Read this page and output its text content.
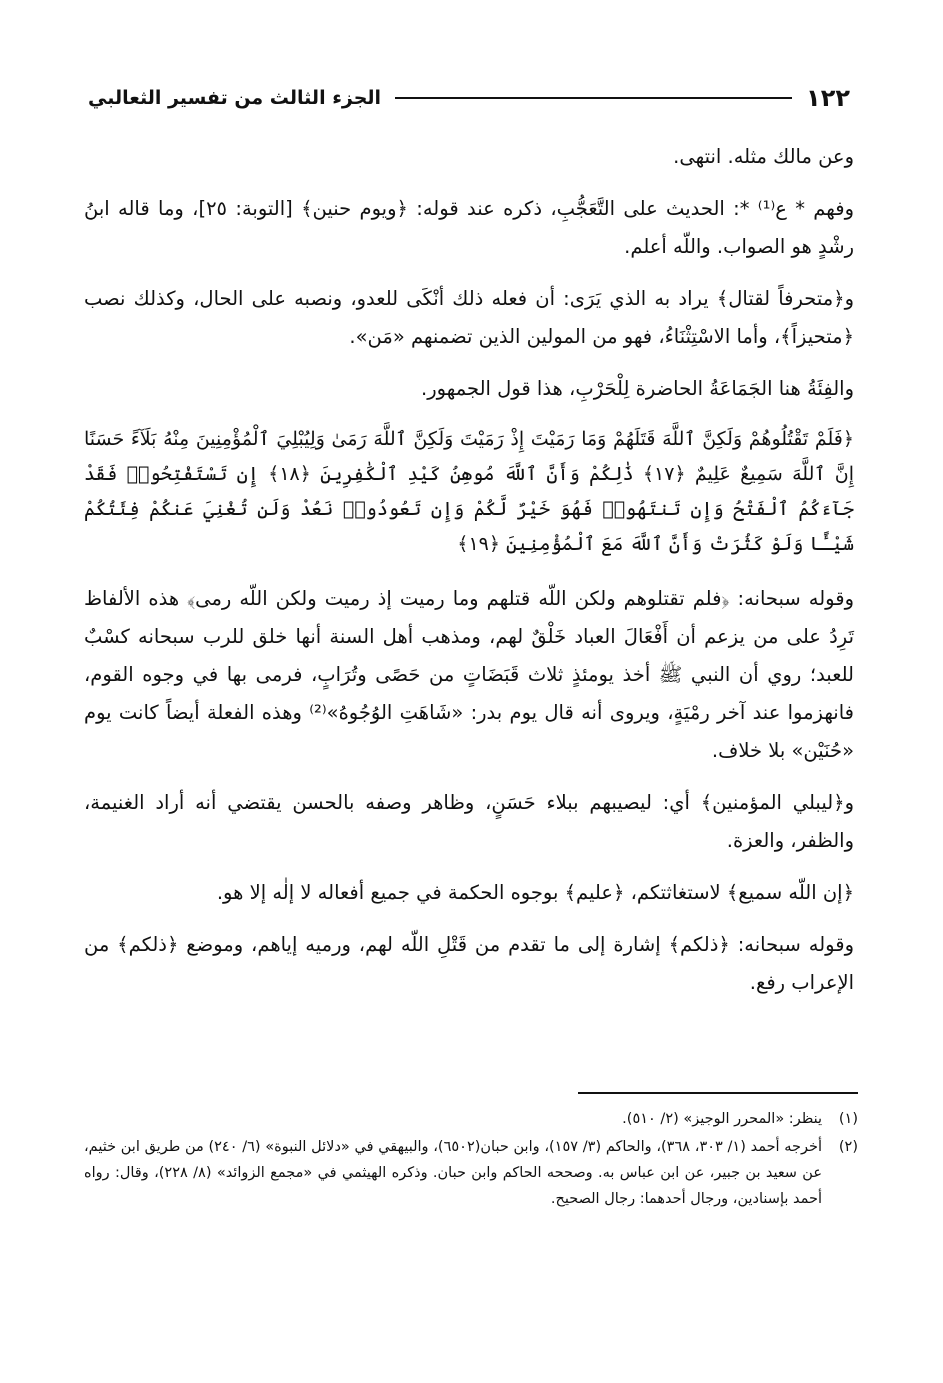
١٢٢
الجزء الثالث من تفسير الثعالبي

وعن مالك مثله. انتهى.

وفهم * ع⁽¹⁾ *: الحديث على التَّعَجُّبِ، ذكره عند قوله: ﴿ويوم حنين﴾ [التوبة: ٢٥]، وما قاله ابنُ رشْدٍ هو الصواب. واللّه أعلم.

و﴿متحرفاً لقتال﴾ يراد به الذي يَرَى: أن فعله ذلك أنْكَى للعدو، ونصبه على الحال، وكذلك نصب ﴿متحيزاً﴾، وأما الاسْتِثْنَاءُ، فهو من المولين الذين تضمنهم «مَن».

والفِئَةُ هنا الجَمَاعَةُ الحاضرة لِلْحَرْبِ، هذا قول الجمهور.

﴿فَلَمْ تَقْتُلُوهُمْ وَلَكِنَّ ٱللَّهَ قَتَلَهُمْ وَمَا رَمَيْتَ إِذْ رَمَيْتَ وَلَكِنَّ ٱللَّهَ رَمَىٰ وَلِيُبْلِيَ ٱلْمُؤْمِنِينَ مِنْهُ بَلَآءً حَسَنًا إِنَّ ٱللَّهَ سَمِيعٌ عَلِيمٌ ﴿١٧﴾ ذَٰلِكُمْ وَأَنَّ ٱللَّهَ مُوهِنُ كَيْدِ ٱلْكَٰفِرِينَ ﴿١٨﴾ إِن تَسْتَفْتِحُوا۟ فَقَدْ جَآءَكُمُ ٱلْفَتْحُ وَإِن تَنتَهُوا۟ فَهُوَ خَيْرٌ لَّكُمْ وَإِن تَعُودُوا۟ نَعُدْ وَلَن تُغْنِيَ عَنكُمْ فِئَتُكُمْ شَيْـًٔا وَلَوْ كَثُرَتْ وَأَنَّ ٱللَّهَ مَعَ ٱلْمُؤْمِنِينَ ﴿١٩﴾

وقوله سبحانه: ﴿فلم تقتلوهم ولكن اللّه قتلهم وما رميت إذ رميت ولكن اللّه رمى﴾ هذه الألفاظ تَرِدُ على من يزعم أن أَفْعَالَ العباد خَلْقٌ لهم، ومذهب أهل السنة أنها خلق للرب سبحانه كسْبٌ للعبد؛ روي أن النبي ﷺ أخذ يومئذٍ ثلاث قَبَضَاتٍ من حَصًى وتُرَابٍ، فرمى بها في وجوه القوم، فانهزموا عند آخر رمْيَةٍ، ويروى أنه قال يوم بدر: «شَاهَتِ الوُجُوهُ»⁽²⁾ وهذه الفعلة أيضاً كانت يوم «حُنَيْن» بلا خلاف.

و﴿ليبلي المؤمنين﴾ أي: ليصيبهم ببلاء حَسَنٍ، وظاهر وصفه بالحسن يقتضي أنه أراد الغنيمة، والظفر، والعزة.

﴿إن اللّه سميع﴾ لاستغاثتكم، ﴿عليم﴾ بوجوه الحكمة في جميع أفعاله لا إلٰه إلا هو.

وقوله سبحانه: ﴿ذلكم﴾ إشارة إلى ما تقدم من قَتْلِ اللّه لهم، ورميه إياهم، وموضع ﴿ذلكم﴾ من الإعراب رفع.

(١)
ينظر: «المحرر الوجيز» (٢/ ٥١٠).
(٢)
أخرجه أحمد (١/ ٣٠٣، ٣٦٨)، والحاكم (٣/ ١٥٧)، وابن حبان(٦٥٠٢)، والبيهقي في «دلائل النبوة» (٦/ ٢٤٠) من طريق ابن خثيم، عن سعيد بن جبير، عن ابن عباس به. وصححه الحاكم وابن حبان. وذكره الهيثمي في «مجمع الزوائد» (٨/ ٢٢٨)، وقال: رواه أحمد بإسنادين، ورجال أحدهما: رجال الصحيح.
